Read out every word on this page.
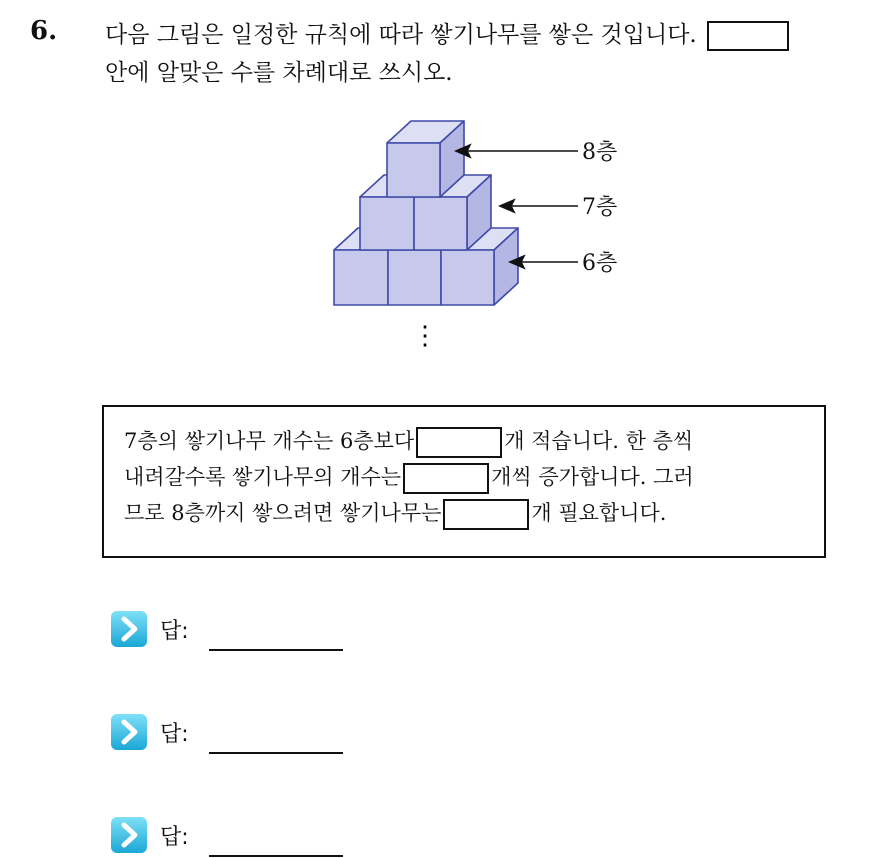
6. 다음 그림은 일정한 규칙에 따라 쌓기나무를 쌓은 것입니다.
안에 알맞은 수를 차례대로 쓰시오.
8층
7층
6층
⋮
7층의 쌓기나무 개수는 6층보다	개 적습니다. 한 층씩
내려갈수록 쌓기나무의 개수는	개씩 증가합니다. 그러
므로 8층까지 쌓으려면 쌓기나무는	개 필요합니다.
답:
답:
답:
